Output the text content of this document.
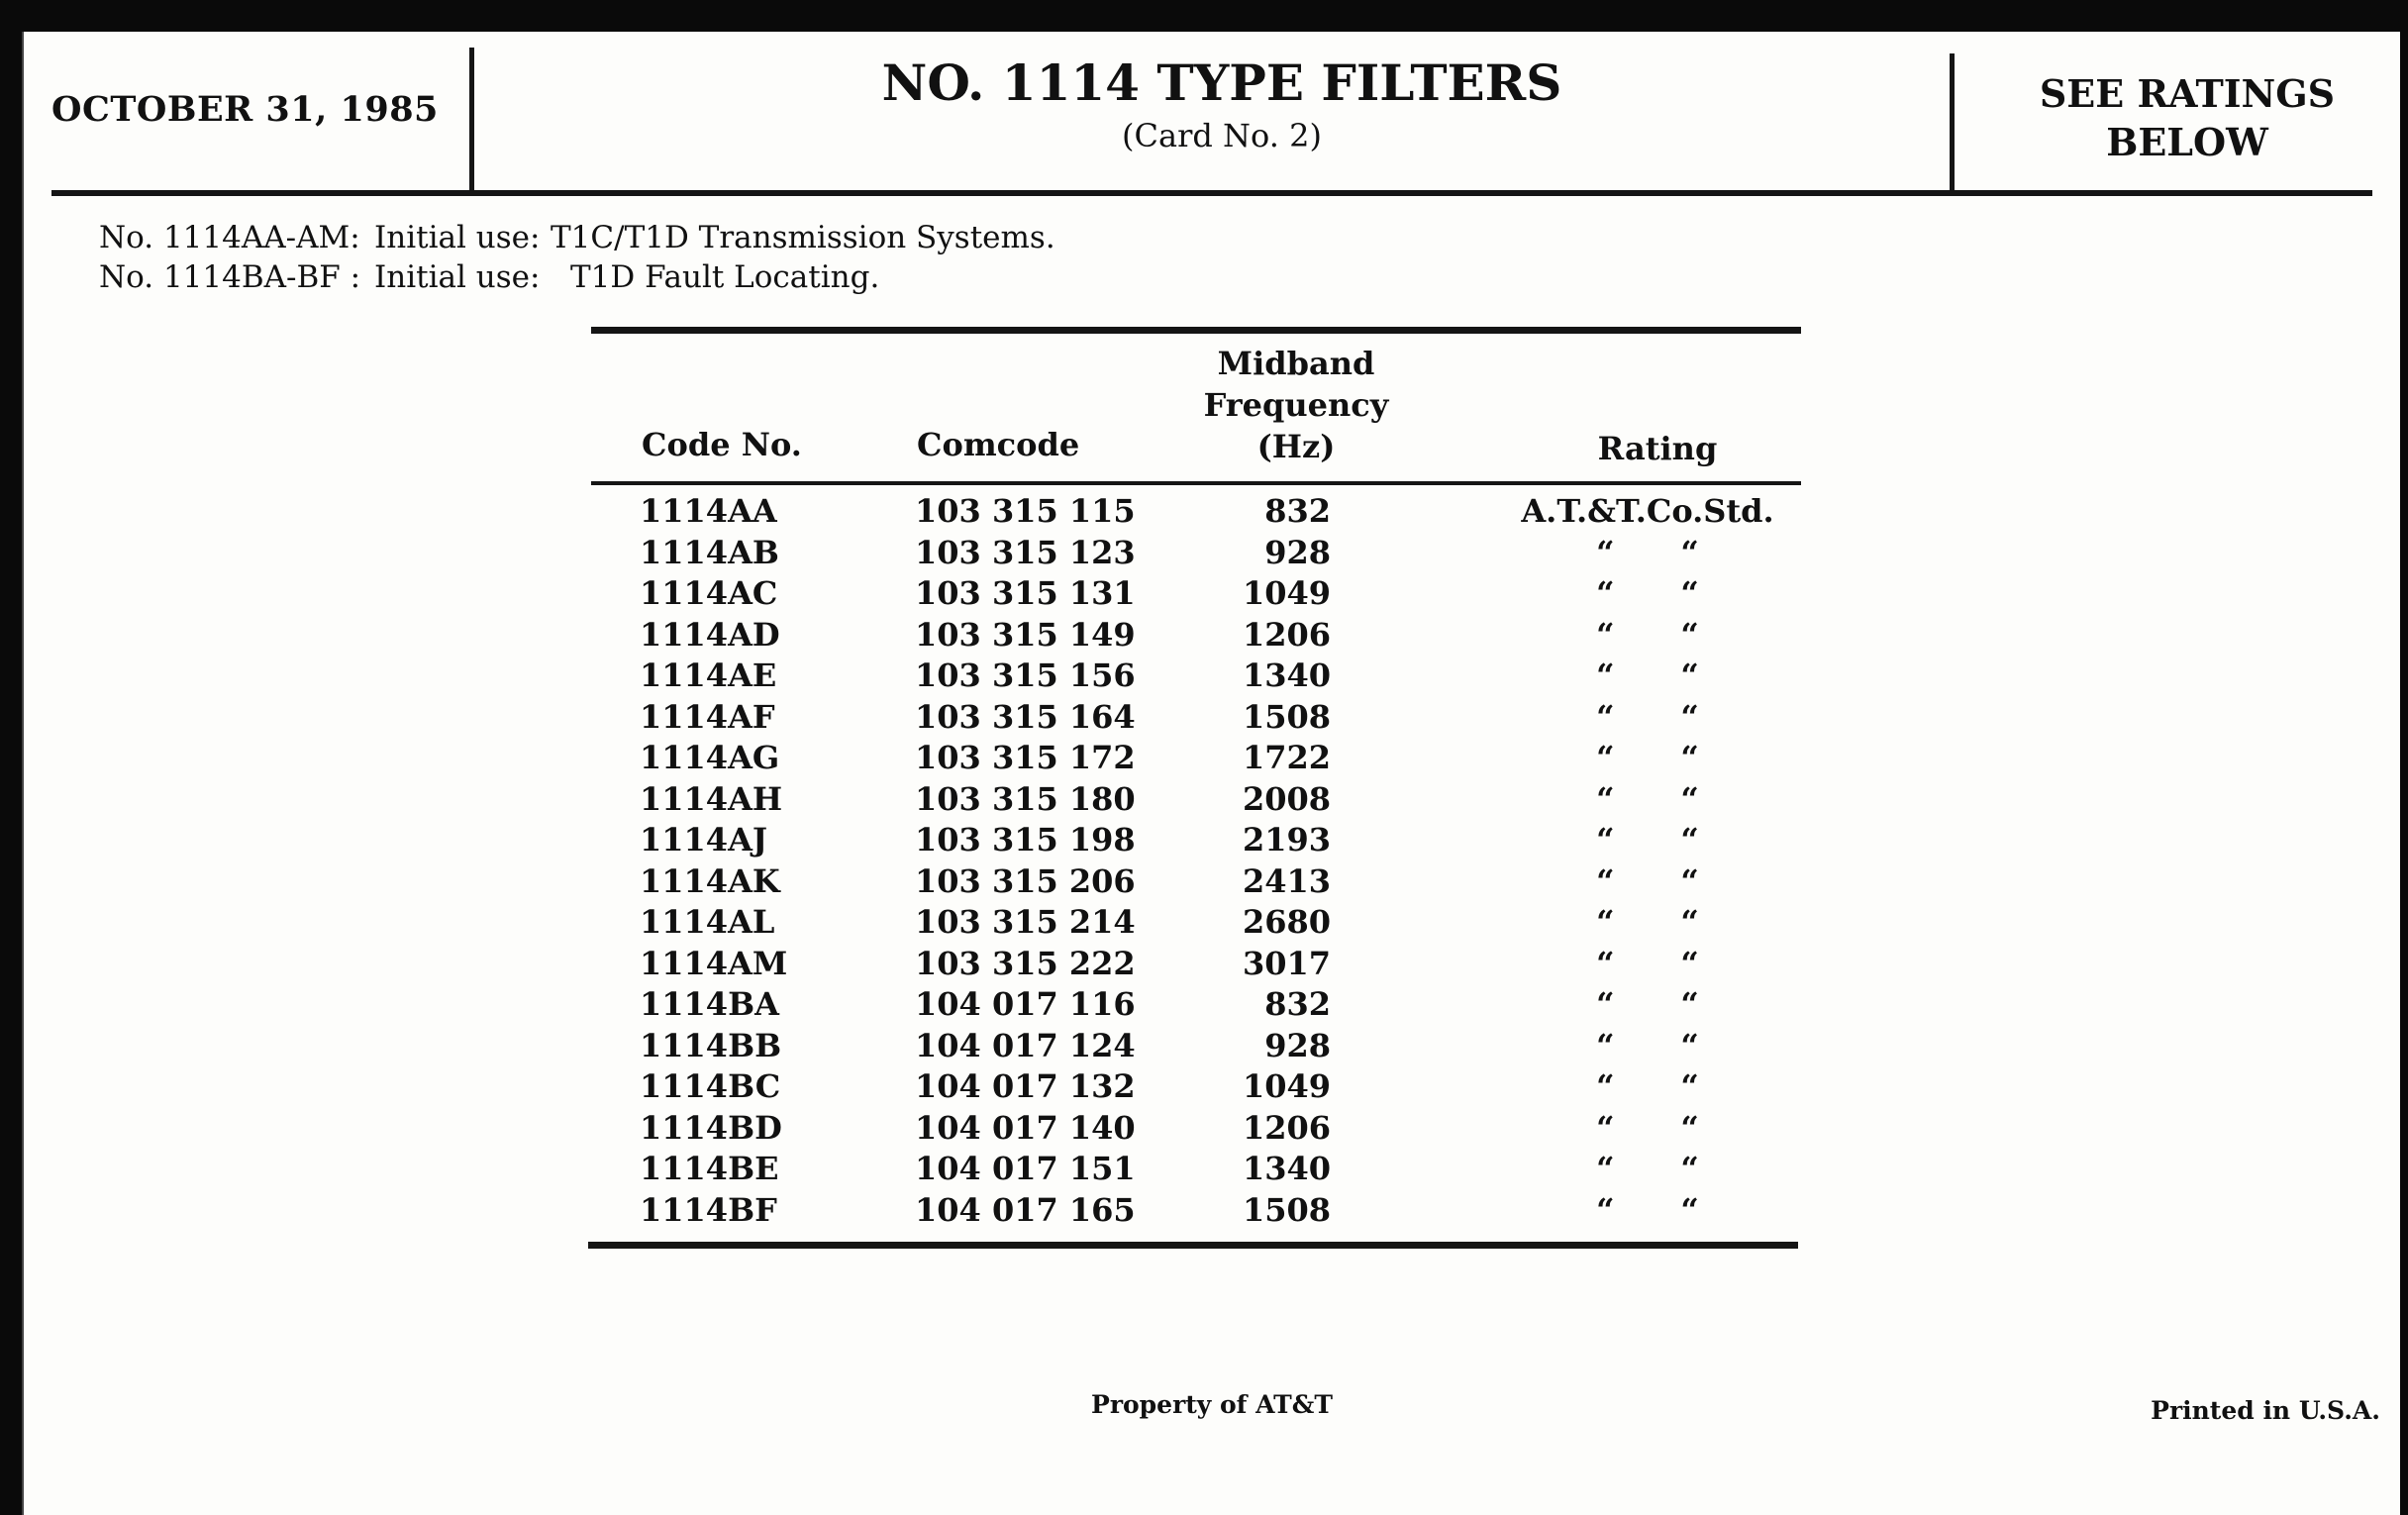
OCTOBER 31, 1985	NO. 1114 TYPE FILTERS
(Card No. 2)
SEE RATINGS
BELOW
No. 1114AA-AM: Initial use: T1C/T1D Transmission Systems.
No. 1114BA-BF : Initial use: T1D Fault Locating.
Code No.	Comcode
Midband
Frequency
(Hz)	Rating
1114AA	103 315 115	832	A.T.&T.Co.Std.
1114AB	103 315 123	928	“      “
1114AC	103 315 131	1049	“      “
1114AD	103 315 149	1206	“      “
1114AE	103 315 156	1340	“      “
1114AF	103 315 164	1508	“      “
1114AG	103 315 172	1722	“      “
1114AH	103 315 180	2008	“      “
1114AJ	103 315 198	2193	“      “
1114AK	103 315 206	2413	“      “
1114AL	103 315 214	2680	“      “
1114AM	103 315 222	3017	“      “
1114BA	104 017 116	832	“      “
1114BB	104 017 124	928	“      “
1114BC	104 017 132	1049	“      “
1114BD	104 017 140	1206	“      “
1114BE	104 017 151	1340	“      “
1114BF	104 017 165	1508	“      “
Property of AT&T	Printed in U.S.A.
